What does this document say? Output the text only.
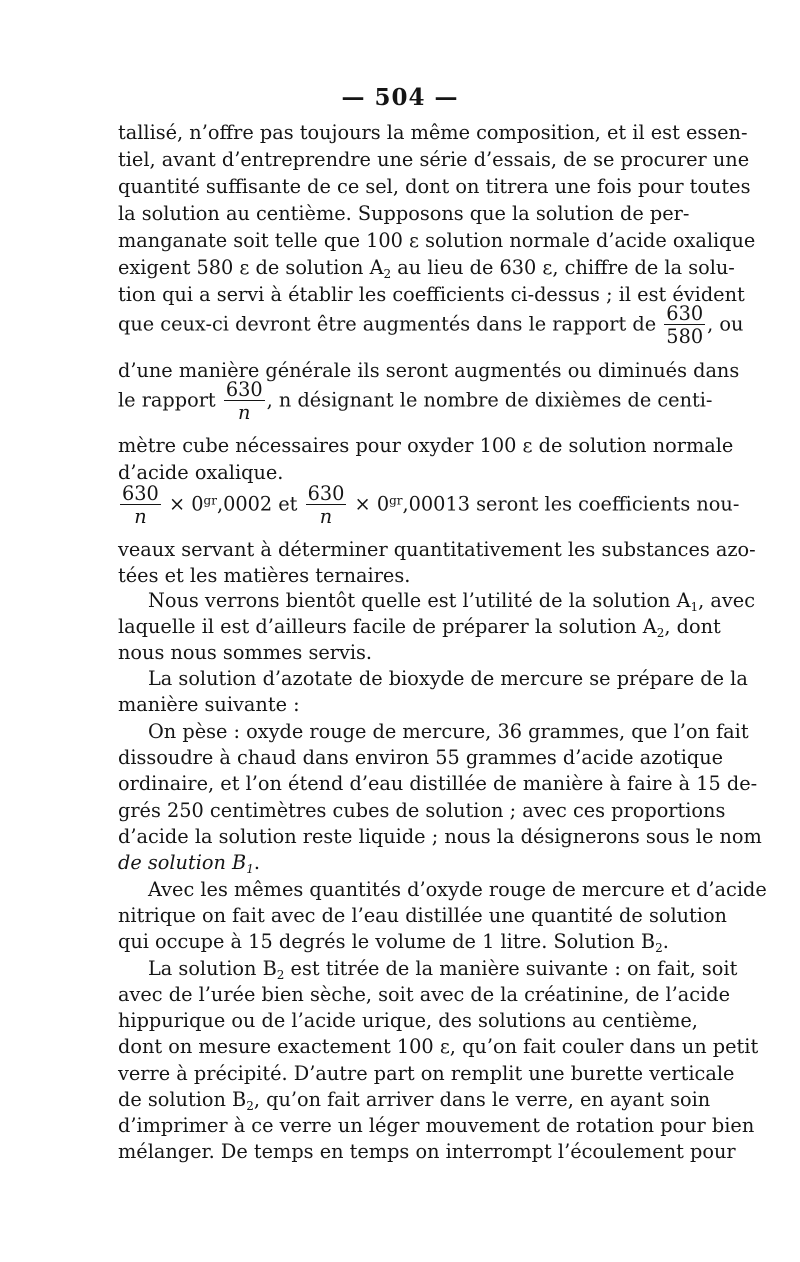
— 504 —
tallisé, n’offre pas toujours la même composition, et il est essen-
tiel, avant d’entreprendre une série d’essais, de se procurer une
quantité suffisante de ce sel, dont on titrera une fois pour toutes
la solution au centième. Supposons que la solution de per-
manganate soit telle que 100 ε solution normale d’acide oxalique
exigent 580 ε de solution $A_2$ au lieu de 630 ε, chiffre de la solu-
tion qui a servi à établir les coefficients ci-dessus ; il est évident
que ceux-ci devront être augmentés dans le rapport de $\frac{630}{580}$ , ou
d’une manière générale ils seront augmentés ou diminués dans
le rapport $\frac{630}{n}$ , n désignant le nombre de dixièmes de centi-
mètre cube nécessaires pour oxyder 100 ε de solution normale
d’acide oxalique.
$\frac{630}{n} \times 0^{gr},0002$ et $\frac{630}{n} \times 0^{gr},00013$ seront les coefficients nou-
veaux servant à déterminer quantitativement les substances azo-
tées et les matières ternaires.
Nous verrons bientôt quelle est l’utilité de la solution $A_1$, avec
laquelle il est d’ailleurs facile de préparer la solution $A_2$, dont
nous nous sommes servis.
La solution d’azotate de bioxyde de mercure se prépare de la
manière suivante :
On pèse : oxyde rouge de mercure, 36 grammes, que l’on fait
dissoudre à chaud dans environ 55 grammes d’acide azotique
ordinaire, et l’on étend d’eau distillée de manière à faire à 15 de-
grés 250 centimètres cubes de solution ; avec ces proportions
d’acide la solution reste liquide ; nous la désignerons sous le nom
de solution $B_1$.
Avec les mêmes quantités d’oxyde rouge de mercure et d’acide
nitrique on fait avec de l’eau distillée une quantité de solution
qui occupe à 15 degrés le volume de 1 litre. Solution $B_2$.
La solution $B_2$ est titrée de la manière suivante : on fait, soit
avec de l’urée bien sèche, soit avec de la créatinine, de l’acide
hippurique ou de l’acide urique, des solutions au centième,
dont on mesure exactement 100 ε, qu’on fait couler dans un petit
verre à précipité. D’autre part on remplit une burette verticale
de solution $B_2$, qu’on fait arriver dans le verre, en ayant soin
d’imprimer à ce verre un léger mouvement de rotation pour bien
mélanger. De temps en temps on interrompt l’écoulement pour
